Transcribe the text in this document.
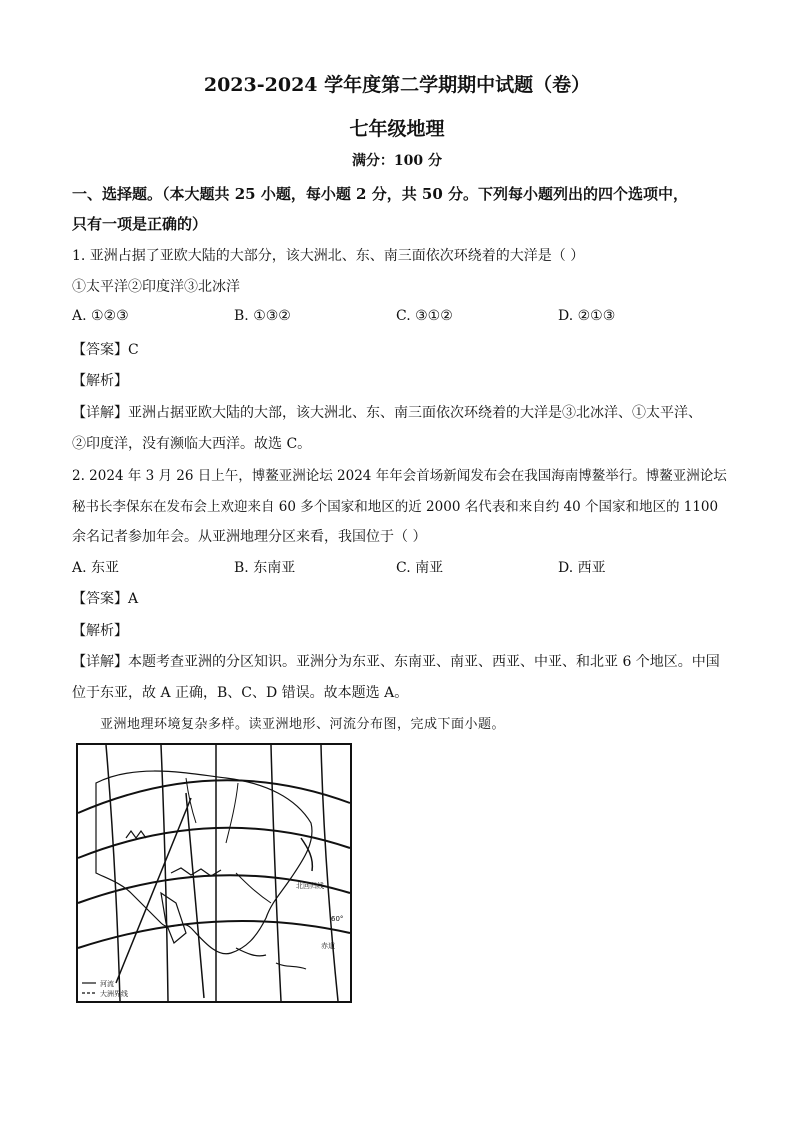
2023-2024 学年度第二学期期中试题（卷）
七年级地理
满分：100 分
一、选择题。（本大题共 25 小题，每小题 2 分，共 50 分。下列每小题列出的四个选项中，
只有一项是正确的）
1. 亚洲占据了亚欧大陆的大部分，该大洲北、东、南三面依次环绕着的大洋是（ ）
①太平洋②印度洋③北冰洋
A. ①②③	B. ①③②	C. ③①②	D. ②①③
【答案】C
【解析】
【详解】亚洲占据亚欧大陆的大部，该大洲北、东、南三面依次环绕着的大洋是③北冰洋、①太平洋、
②印度洋，没有濒临大西洋。故选 C。
2. 2024 年 3 月 26 日上午，博鳌亚洲论坛 2024 年年会首场新闻发布会在我国海南博鳌举行。博鳌亚洲论坛
秘书长李保东在发布会上欢迎来自 60 多个国家和地区的近 2000 名代表和来自约 40 个国家和地区的 1100
余名记者参加年会。从亚洲地理分区来看，我国位于（ ）
A. 东亚	B. 东南亚	C. 南亚	D. 西亚
【答案】A
【解析】
【详解】本题考查亚洲的分区知识。亚洲分为东亚、东南亚、南亚、西亚、中亚、和北亚 6 个地区。中国
位于东亚，故 A 正确，B、C、D 错误。故本题选 A。
亚洲地理环境复杂多样。读亚洲地形、河流分布图，完成下面小题。
河流
大洲界线
60°
北回归线
赤道
